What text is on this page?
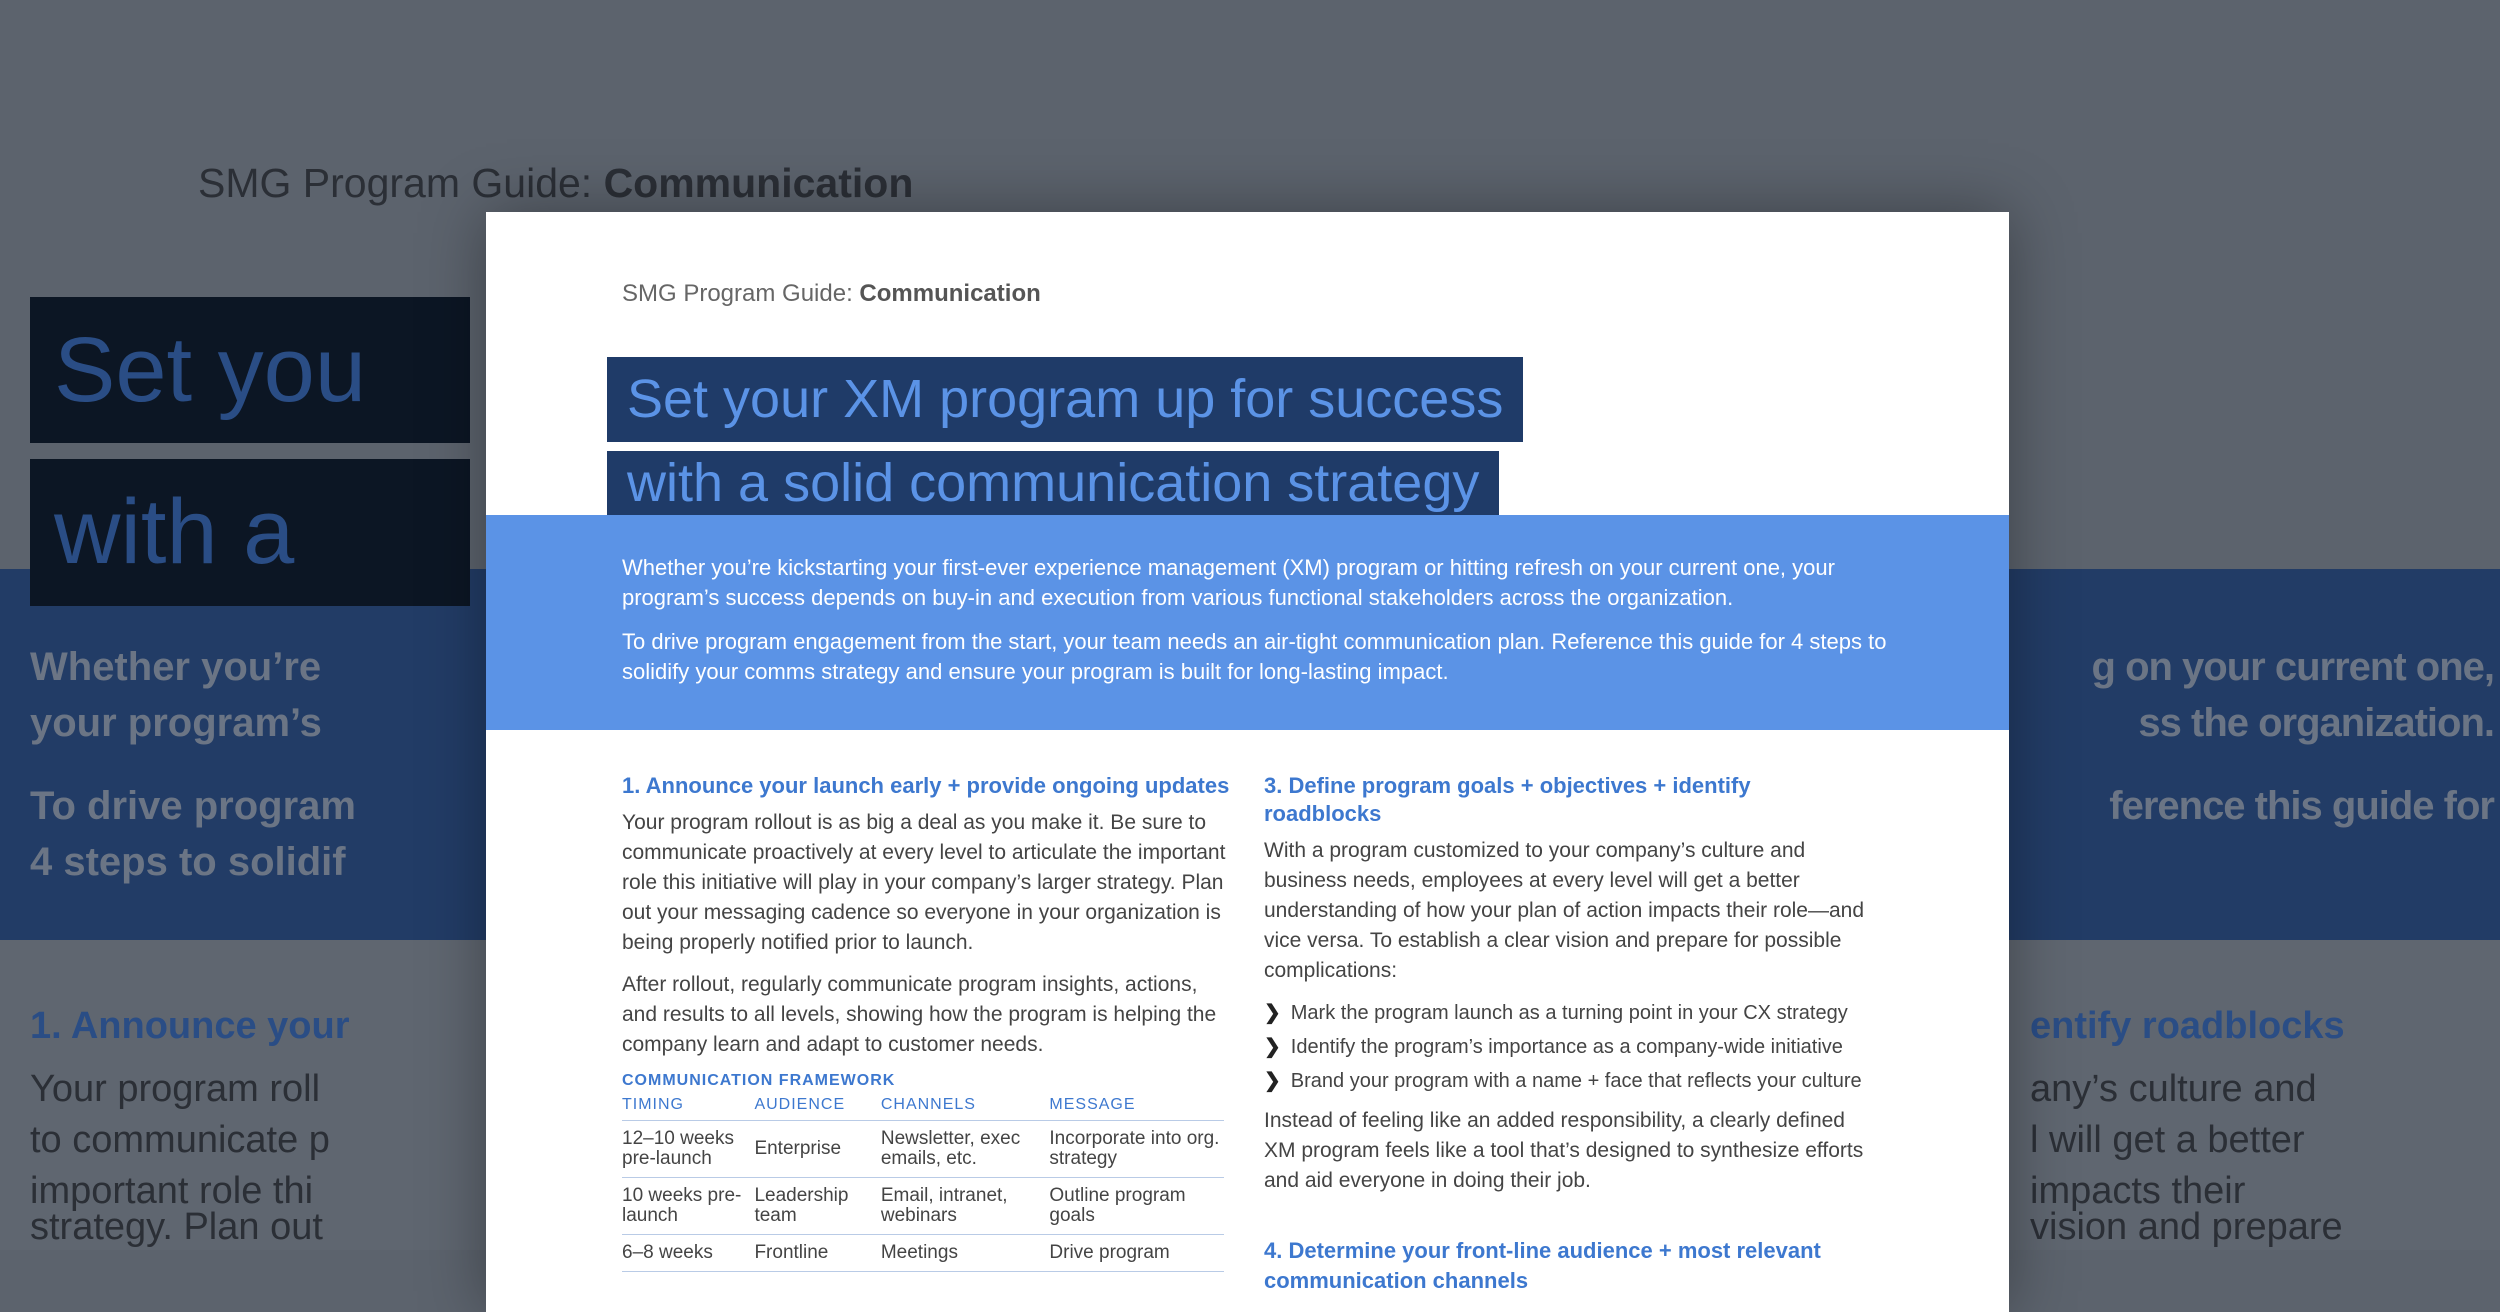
SMG Program Guide: Communication
Set you
with a
Whether you’re
your program’s
To drive program
4 steps to solidif
1. Announce your
Your program roll
to communicate p
important role thi
strategy. Plan out
g on your current one,
ss the organization.
ference this guide for
entify roadblocks
any’s culture and
l will get a better
impacts their
vision and prepare
SMG Program Guide: Communication

Whether you’re kickstarting your first-ever experience management (XM) program or hitting refresh on your current one, your program’s success depends on buy-in and execution from various functional stakeholders across the organization.

To drive program engagement from the start, your team needs an air-tight communication plan. Reference this guide for 4 steps to solidify your comms strategy and ensure your program is built for long-lasting impact.

Set your XM program up for success
with a solid communication strategy
1. Announce your launch early + provide ongoing updates

Your program rollout is as big a deal as you make it. Be sure to communicate proactively at every level to articulate the important role this initiative will play in your company’s larger strategy. Plan out your messaging cadence so everyone in your organization is being properly notified prior to launch.

After rollout, regularly communicate program insights, actions, and results to all levels, showing how the program is helping the company learn and adapt to customer needs.

COMMUNICATION FRAMEWORK
TIMING	AUDIENCE	CHANNELS	MESSAGE
12–10 weeks pre-launch	Enterprise	Newsletter, exec emails, etc.	Incorporate into org. strategy
10 weeks pre-launch	Leadership team	Email, intranet, webinars	Outline program goals
6–8 weeks	Frontline	Meetings	Drive program
3. Define program goals + objectives + identify roadblocks

With a program customized to your company’s culture and business needs, employees at every level will get a better understanding of how your plan of action impacts their role—and vice versa. To establish a clear vision and prepare for possible complications:

❯ Mark the program launch as a turning point in your CX strategy
❯ Identify the program’s importance as a company-wide initiative
❯ Brand your program with a name + face that reflects your culture

Instead of feeling like an added responsibility, a clearly defined XM program feels like a tool that’s designed to synthesize efforts and aid everyone in doing their job.

4. Determine your front-line audience + most relevant communication channels
